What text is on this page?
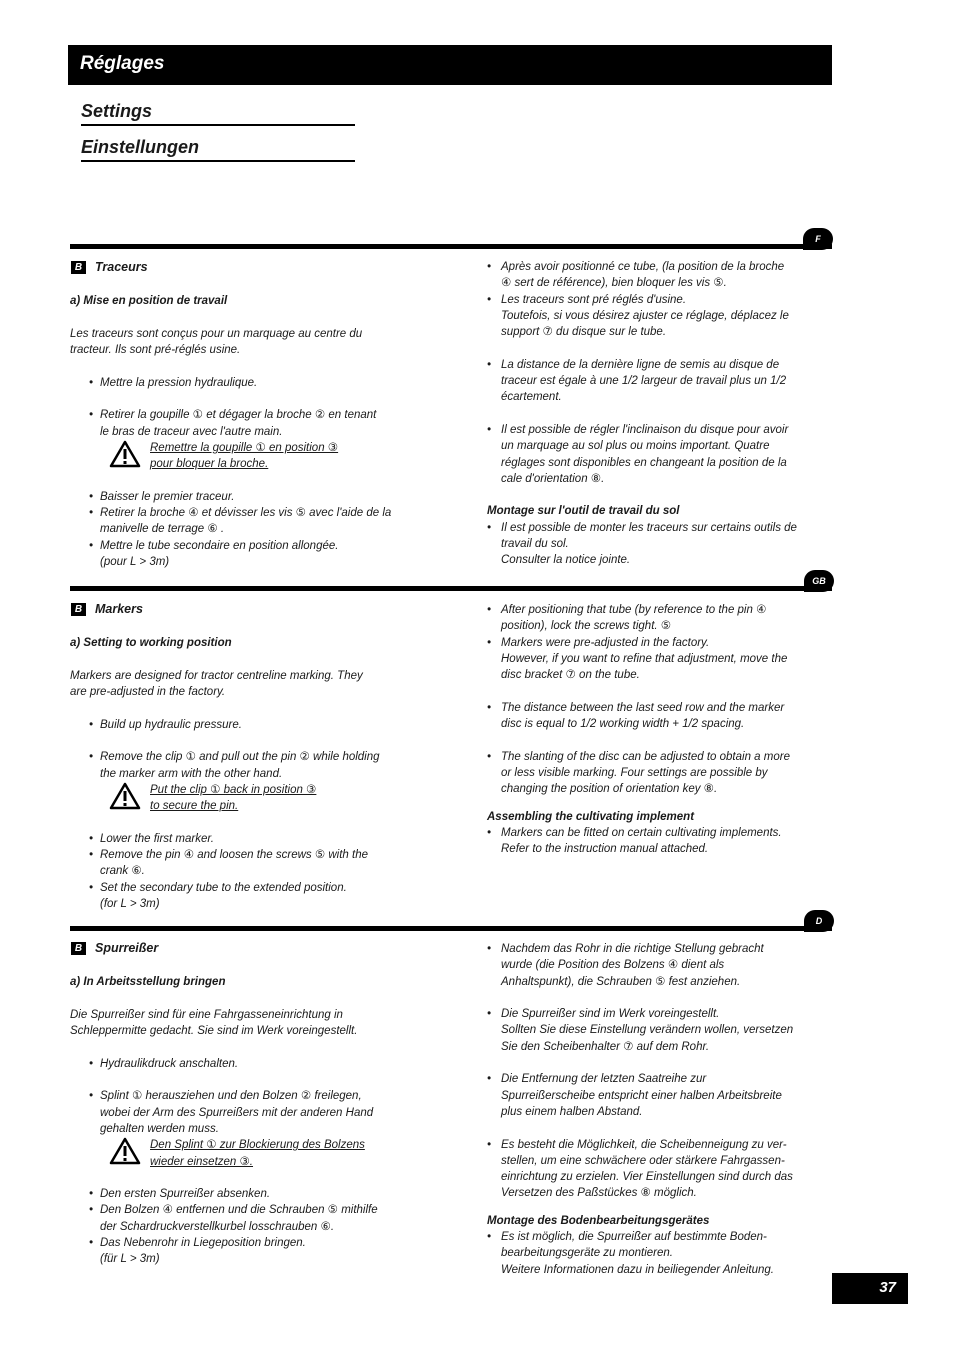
Réglages
Settings
Einstellungen
F
GB
D
B Traceurs

a) Mise en position de travail

Les traceurs sont conçus pour un marquage au centre du

tracteur. Ils sont pré-réglés usine.

• Mettre la pression hydraulique.

• Retirer la goupille ① et dégager la broche ② en tenant
le bras de traceur avec l'autre main.

Remettre la goupille ① en position ③
pour bloquer la broche.

• Baisser le premier traceur.

• Retirer la broche ④ et dévisser les vis ⑤ avec l'aide de la
manivelle de terrage ⑥ .

• Mettre le tube secondaire en position allongée.
(pour L > 3m)

• Après avoir positionné ce tube, (la position de la broche
④ sert de référence), bien bloquer les vis ⑤.

• Les traceurs sont pré réglés d'usine.
Toutefois, si vous désirez ajuster ce réglage, déplacez le
support ⑦ du disque sur le tube.

• La distance de la dernière ligne de semis au disque de
traceur est égale à une 1/2 largeur de travail plus un 1/2
écartement.

• Il est possible de régler l'inclinaison du disque pour avoir
un marquage au sol plus ou moins important. Quatre
réglages sont disponibles en changeant la position de la
cale d'orientation ⑧.

Montage sur l'outil de travail du sol

• Il est possible de monter les traceurs sur certains outils de
travail du sol.
Consulter la notice jointe.

B Markers

a) Setting to working position

Markers are designed for tractor centreline marking. They

are pre-adjusted in the factory.

• Build up hydraulic pressure.

• Remove the clip ① and pull out the pin ② while holding
the marker arm with the other hand.

Put the clip ① back in position ③
to secure the pin.

• Lower the first marker.

• Remove the pin ④ and loosen the screws ⑤ with the
crank ⑥.

• Set the secondary tube to the extended position.
(for L > 3m)

• After positioning that tube (by reference to the pin ④
position), lock the screws tight. ⑤

• Markers were pre-adjusted in the factory.
However, if you want to refine that adjustment, move the
disc bracket ⑦ on the tube.

• The distance between the last seed row and the marker
disc is equal to 1/2 working width + 1/2 spacing.

• The slanting of the disc can be adjusted to obtain a more
or less visible marking. Four settings are possible by
changing the position of orientation key ⑧.

Assembling the cultivating implement

• Markers can be fitted on certain cultivating implements.
Refer to the instruction manual attached.

B Spurreißer

a) In Arbeitsstellung bringen

Die Spurreißer sind für eine Fahrgasseneinrichtung in

Schleppermitte gedacht. Sie sind im Werk voreingestellt.

• Hydraulikdruck anschalten.

• Splint ① herausziehen und den Bolzen ② freilegen,
wobei der Arm des Spurreißers mit der anderen Hand
gehalten werden muss.

Den Splint ① zur Blockierung des Bolzens
wieder einsetzen ③.

• Den ersten Spurreißer absenken.

• Den Bolzen ④ entfernen und die Schrauben ⑤ mithilfe
der Schardruckverstellkurbel losschrauben ⑥.

• Das Nebenrohr in Liegeposition bringen.
(für L > 3m)

• Nachdem das Rohr in die richtige Stellung gebracht
wurde (die Position des Bolzens ④ dient als
Anhaltspunkt), die Schrauben ⑤ fest anziehen.

• Die Spurreißer sind im Werk voreingestellt.
Sollten Sie diese Einstellung verändern wollen, versetzen
Sie den Scheibenhalter ⑦ auf dem Rohr.

• Die Entfernung der letzten Saatreihe zur
Spurreißerscheibe entspricht einer halben Arbeitsbreite
plus einem halben Abstand.

• Es besteht die Möglichkeit, die Scheibenneigung zu ver-
stellen, um eine schwächere oder stärkere Fahrgassen-
einrichtung zu erzielen. Vier Einstellungen sind durch das
Versetzen des Paßstückes ⑧ möglich.

Montage des Bodenbearbeitungsgerätes

• Es ist möglich, die Spurreißer auf bestimmte Boden-
bearbeitungsgeräte zu montieren.
Weitere Informationen dazu in beiliegender Anleitung.

37
